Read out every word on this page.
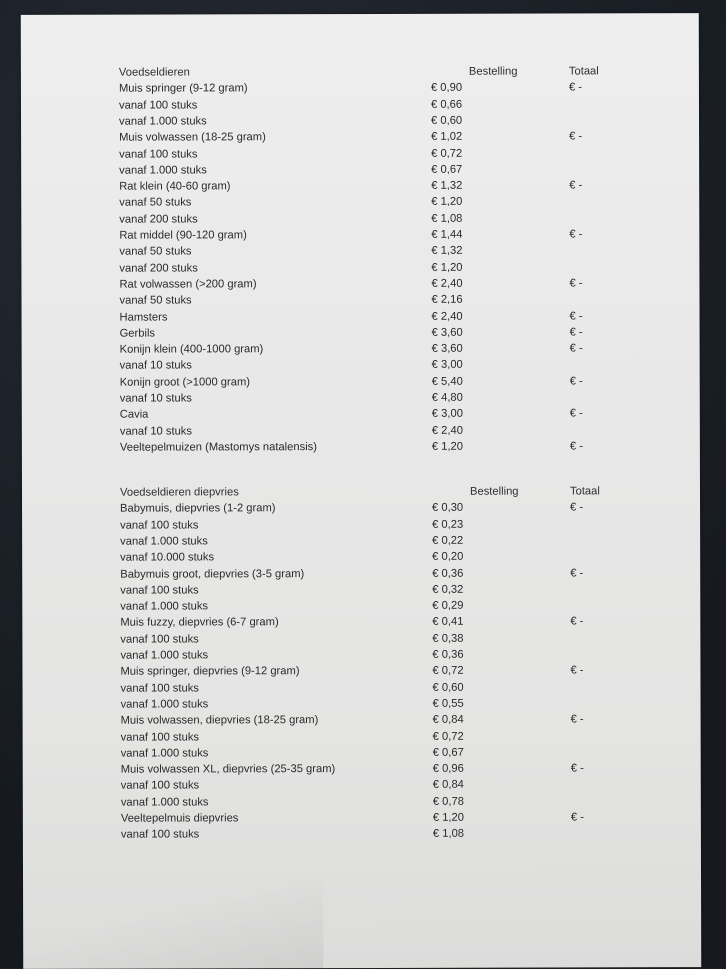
Voedseldieren	Bestelling	Totaal
Muis springer (9-12 gram)	€ 0,90	€ -
vanaf 100 stuks	€ 0,66
vanaf 1.000 stuks	€ 0,60
Muis volwassen (18-25 gram)	€ 1,02	€ -
vanaf 100 stuks	€ 0,72
vanaf 1.000 stuks	€ 0,67
Rat klein (40-60 gram)	€ 1,32	€ -
vanaf 50 stuks	€ 1,20
vanaf 200 stuks	€ 1,08
Rat middel (90-120 gram)	€ 1,44	€ -
vanaf 50 stuks	€ 1,32
vanaf 200 stuks	€ 1,20
Rat volwassen (>200 gram)	€ 2,40	€ -
vanaf 50 stuks	€ 2,16
Hamsters	€ 2,40	€ -
Gerbils	€ 3,60	€ -
Konijn klein (400-1000 gram)	€ 3,60	€ -
vanaf 10 stuks	€ 3,00
Konijn groot (>1000 gram)	€ 5,40	€ -
vanaf 10 stuks	€ 4,80
Cavia	€ 3,00	€ -
vanaf 10 stuks	€ 2,40
Veeltepelmuizen (Mastomys natalensis)	€ 1,20	€ -
Voedseldieren diepvries	Bestelling	Totaal
Babymuis, diepvries (1-2 gram)	€ 0,30	€ -
vanaf 100 stuks	€ 0,23
vanaf 1.000 stuks	€ 0,22
vanaf 10.000 stuks	€ 0,20
Babymuis groot, diepvries (3-5 gram)	€ 0,36	€ -
vanaf 100 stuks	€ 0,32
vanaf 1.000 stuks	€ 0,29
Muis fuzzy, diepvries (6-7 gram)	€ 0,41	€ -
vanaf 100 stuks	€ 0,38
vanaf 1.000 stuks	€ 0,36
Muis springer, diepvries (9-12 gram)	€ 0,72	€ -
vanaf 100 stuks	€ 0,60
vanaf 1.000 stuks	€ 0,55
Muis volwassen, diepvries (18-25 gram)	€ 0,84	€ -
vanaf 100 stuks	€ 0,72
vanaf 1.000 stuks	€ 0,67
Muis volwassen XL, diepvries (25-35 gram)	€ 0,96	€ -
vanaf 100 stuks	€ 0,84
vanaf 1.000 stuks	€ 0,78
Veeltepelmuis diepvries	€ 1,20	€ -
vanaf 100 stuks	€ 1,08
